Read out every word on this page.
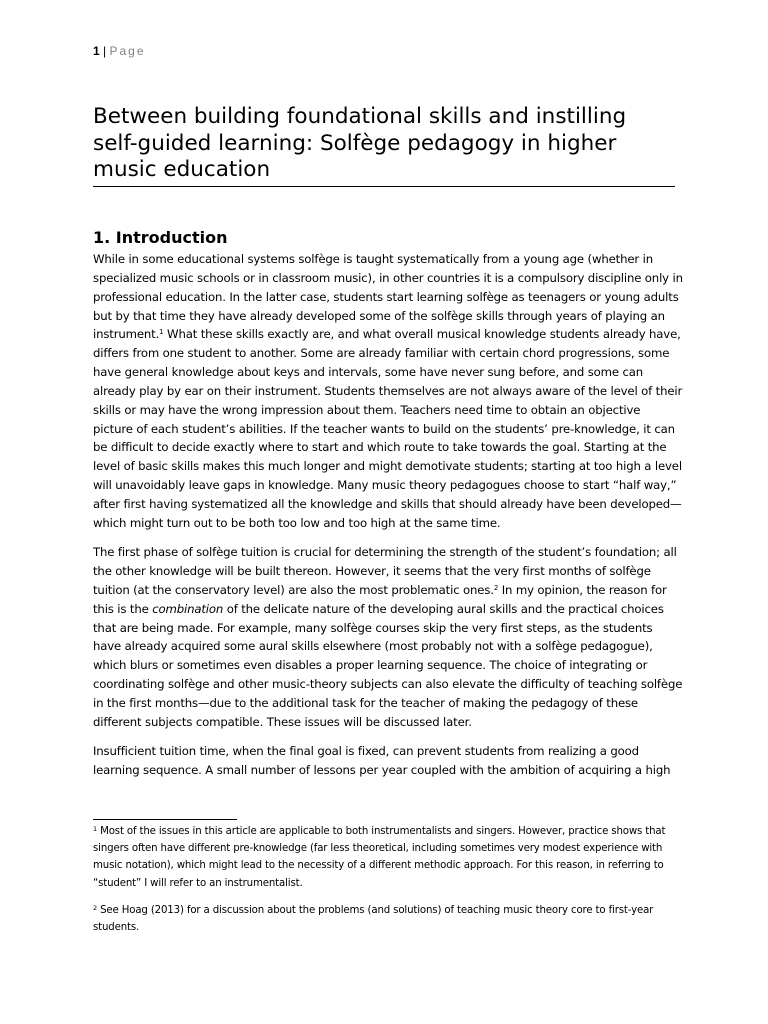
1 | Page
Between building foundational skills and instilling self-guided learning: Solfège pedagogy in higher music education
1. Introduction

While in some educational systems solfège is taught systematically from a young age (whether in specialized music schools or in classroom music), in other countries it is a compulsory discipline only in professional education. In the latter case, students start learning solfège as teenagers or young adults but by that time they have already developed some of the solfège skills through years of playing an instrument.$^1$ What these skills exactly are, and what overall musical knowledge students already have, differs from one student to another. Some are already familiar with certain chord progressions, some have general knowledge about keys and intervals, some have never sung before, and some can already play by ear on their instrument. Students themselves are not always aware of the level of their skills or may have the wrong impression about them. Teachers need time to obtain an objective picture of each student’s abilities. If the teacher wants to build on the students’ pre-knowledge, it can be difficult to decide exactly where to start and which route to take towards the goal. Starting at the level of basic skills makes this much longer and might demotivate students; starting at too high a level will unavoidably leave gaps in knowledge. Many music theory pedagogues choose to start “half way,” after first having systematized all the knowledge and skills that should already have been developed—which might turn out to be both too low and too high at the same time.

The first phase of solfège tuition is crucial for determining the strength of the student’s foundation; all the other knowledge will be built thereon. However, it seems that the very first months of solfège tuition (at the conservatory level) are also the most problematic ones.$^2$ In my opinion, the reason for this is the combination of the delicate nature of the developing aural skills and the practical choices that are being made. For example, many solfège courses skip the very first steps, as the students have already acquired some aural skills elsewhere (most probably not with a solfège pedagogue), which blurs or sometimes even disables a proper learning sequence. The choice of integrating or coordinating solfège and other music-theory subjects can also elevate the difficulty of teaching solfège in the first months—due to the additional task for the teacher of making the pedagogy of these different subjects compatible. These issues will be discussed later.

Insufficient tuition time, when the final goal is fixed, can prevent students from realizing a good learning sequence. A small number of lessons per year coupled with the ambition of acquiring a high

$^1$ Most of the issues in this article are applicable to both instrumentalists and singers. However, practice shows that singers often have different pre-knowledge (far less theoretical, including sometimes very modest experience with music notation), which might lead to the necessity of a different methodic approach. For this reason, in referring to “student” I will refer to an instrumentalist.

$^2$ See Hoag (2013) for a discussion about the problems (and solutions) of teaching music theory core to first-year students.
